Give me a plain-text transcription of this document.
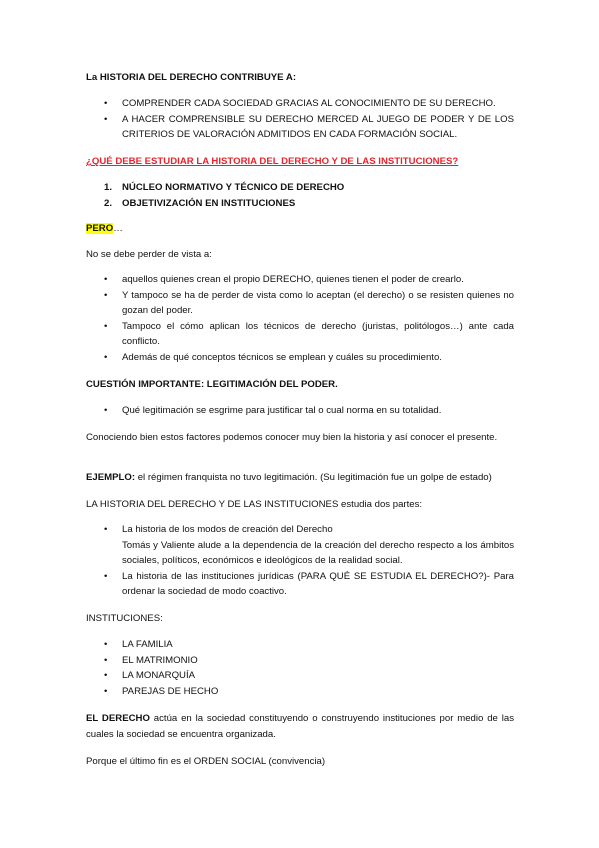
La HISTORIA DEL DERECHO CONTRIBUYE A:

• COMPRENDER CADA SOCIEDAD GRACIAS AL CONOCIMIENTO DE SU DERECHO.
• A HACER COMPRENSIBLE SU DERECHO MERCED AL JUEGO DE PODER Y DE LOS CRITERIOS DE VALORACIÓN ADMITIDOS EN CADA FORMACIÓN SOCIAL.

¿QUÉ DEBE ESTUDIAR LA HISTORIA DEL DERECHO Y DE LAS INSTITUCIONES?

1. NÚCLEO NORMATIVO Y TÉCNICO DE DERECHO
2. OBJETIVIZACIÓN EN INSTITUCIONES

PERO…

No se debe perder de vista a:

• aquellos quienes crean el propio DERECHO, quienes tienen el poder de crearlo.
• Y tampoco se ha de perder de vista como lo aceptan (el derecho) o se resisten quienes no gozan del poder.
• Tampoco el cómo aplican los técnicos de derecho (juristas, politólogos…) ante cada conflicto.
• Además de qué conceptos técnicos se emplean y cuáles su procedimiento.

CUESTIÓN IMPORTANTE: LEGITIMACIÓN DEL PODER.

• Qué legitimación se esgrime para justificar tal o cual norma en su totalidad.

Conociendo bien estos factores podemos conocer muy bien la historia y así conocer el presente.

EJEMPLO: el régimen franquista no tuvo legitimación. (Su legitimación fue un golpe de estado)

LA HISTORIA DEL DERECHO Y DE LAS INSTITUCIONES estudia dos partes:

• La historia de los modos de creación del Derecho
Tomás y Valiente alude a la dependencia de la creación del derecho respecto a los ámbitos sociales, políticos, económicos e ideológicos de la realidad social.
• La historia de las instituciones jurídicas (PARA QUÉ SE ESTUDIA EL DERECHO?)- Para ordenar la sociedad de modo coactivo.

INSTITUCIONES:

• LA FAMILIA
• EL MATRIMONIO
• LA MONARQUÍA
• PAREJAS DE HECHO

EL DERECHO actúa en la sociedad constituyendo o construyendo instituciones por medio de las cuales la sociedad se encuentra organizada.

Porque el último fin es el ORDEN SOCIAL (convivencia)
